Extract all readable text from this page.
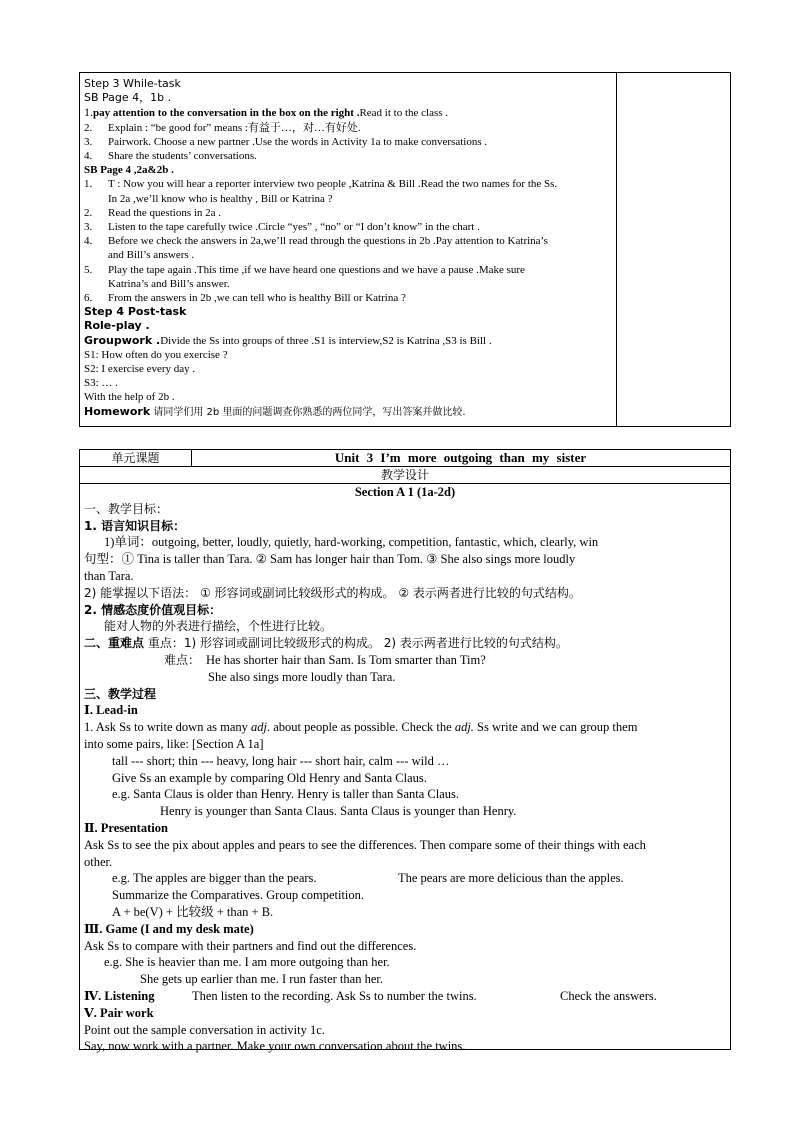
Step 3 While-task
SB Page 4，1b .
1.pay attention to the conversation in the box on the right .Read it to the class .
2. Explain : “be good for” means :有益于…，对…有好处.
3. Pairwork. Choose a new partner .Use the words in Activity 1a to make conversations .
4. Share the students’ conversations.
SB Page 4 ,2a&2b .
1. T : Now you will hear a reporter interview two people ,Katrina & Bill .Read the two names for the Ss.
In 2a ,we’ll know who is healthy , Bill or Katrina ?
2. Read the questions in 2a .
3. Listen to the tape carefully twice .Circle “yes” , “no” or “I don’t know” in the chart .
4. Before we check the answers in 2a,we’ll read through the questions in 2b .Pay attention to Katrina’s
and Bill’s answers .
5. Play the tape again .This time ,if we have heard one questions and we have a pause .Make sure
Katrina’s and Bill’s answer.
6. From the answers in 2b ,we can tell who is healthy Bill or Katrina ?
Step 4 Post-task
Role-play .
Groupwork .Divide the Ss into groups of three .S1 is interview,S2 is Katrina ,S3 is Bill .
S1: How often do you exercise ?
S2: I exercise every day .
S3: … .
With the help of 2b .
Homework 请同学们用 2b 里面的问题调查你熟悉的两位同学，写出答案并做比较.
单元课题	Unit 3 I’m more outgoing than my sister
教学设计
Section A 1 (1a-2d)
一、教学目标：
1. 语言知识目标：
1)单词：outgoing, better, loudly, quietly, hard-working, competition, fantastic, which, clearly, win
句型：① Tina is taller than Tara. ② Sam has longer hair than Tom. ③ She also sings more loudly
than Tara.
2) 能掌握以下语法： ① 形容词或副词比较级形式的构成。 ② 表示两者进行比较的句式结构。
2. 情感态度价值观目标：
能对人物的外表进行描绘，个性进行比较。
二、重难点 重点：1) 形容词或副词比较级形式的构成。 2) 表示两者进行比较的句式结构。
难点： He has shorter hair than Sam. Is Tom smarter than Tim?
She also sings more loudly than Tara.
三、教学过程
Ⅰ. Lead-in
1. Ask Ss to write down as many adj. about people as possible. Check the adj. Ss write and we can group them
into some pairs, like: [Section A 1a]
tall --- short; thin --- heavy, long hair --- short hair, calm --- wild …
Give Ss an example by comparing Old Henry and Santa Claus.
e.g. Santa Claus is older than Henry. Henry is taller than Santa Claus.
Henry is younger than Santa Claus. Santa Claus is younger than Henry.
Ⅱ. Presentation
Ask Ss to see the pix about apples and pears to see the differences. Then compare some of their things with each
other.
e.g. The apples are bigger than the pears.	The pears are more delicious than the apples.
Summarize the Comparatives. Group competition.
A + be(V) + 比较级 + than + B.
Ⅲ. Game (I and my desk mate)
Ask Ss to compare with their partners and find out the differences.
e.g. She is heavier than me. I am more outgoing than her.
She gets up earlier than me. I run faster than her.
Ⅳ. Listening	Then listen to the recording. Ask Ss to number the twins.	Check the answers.
Ⅴ. Pair work
Point out the sample conversation in activity 1c.
Say, now work with a partner. Make your own conversation about the twins.
